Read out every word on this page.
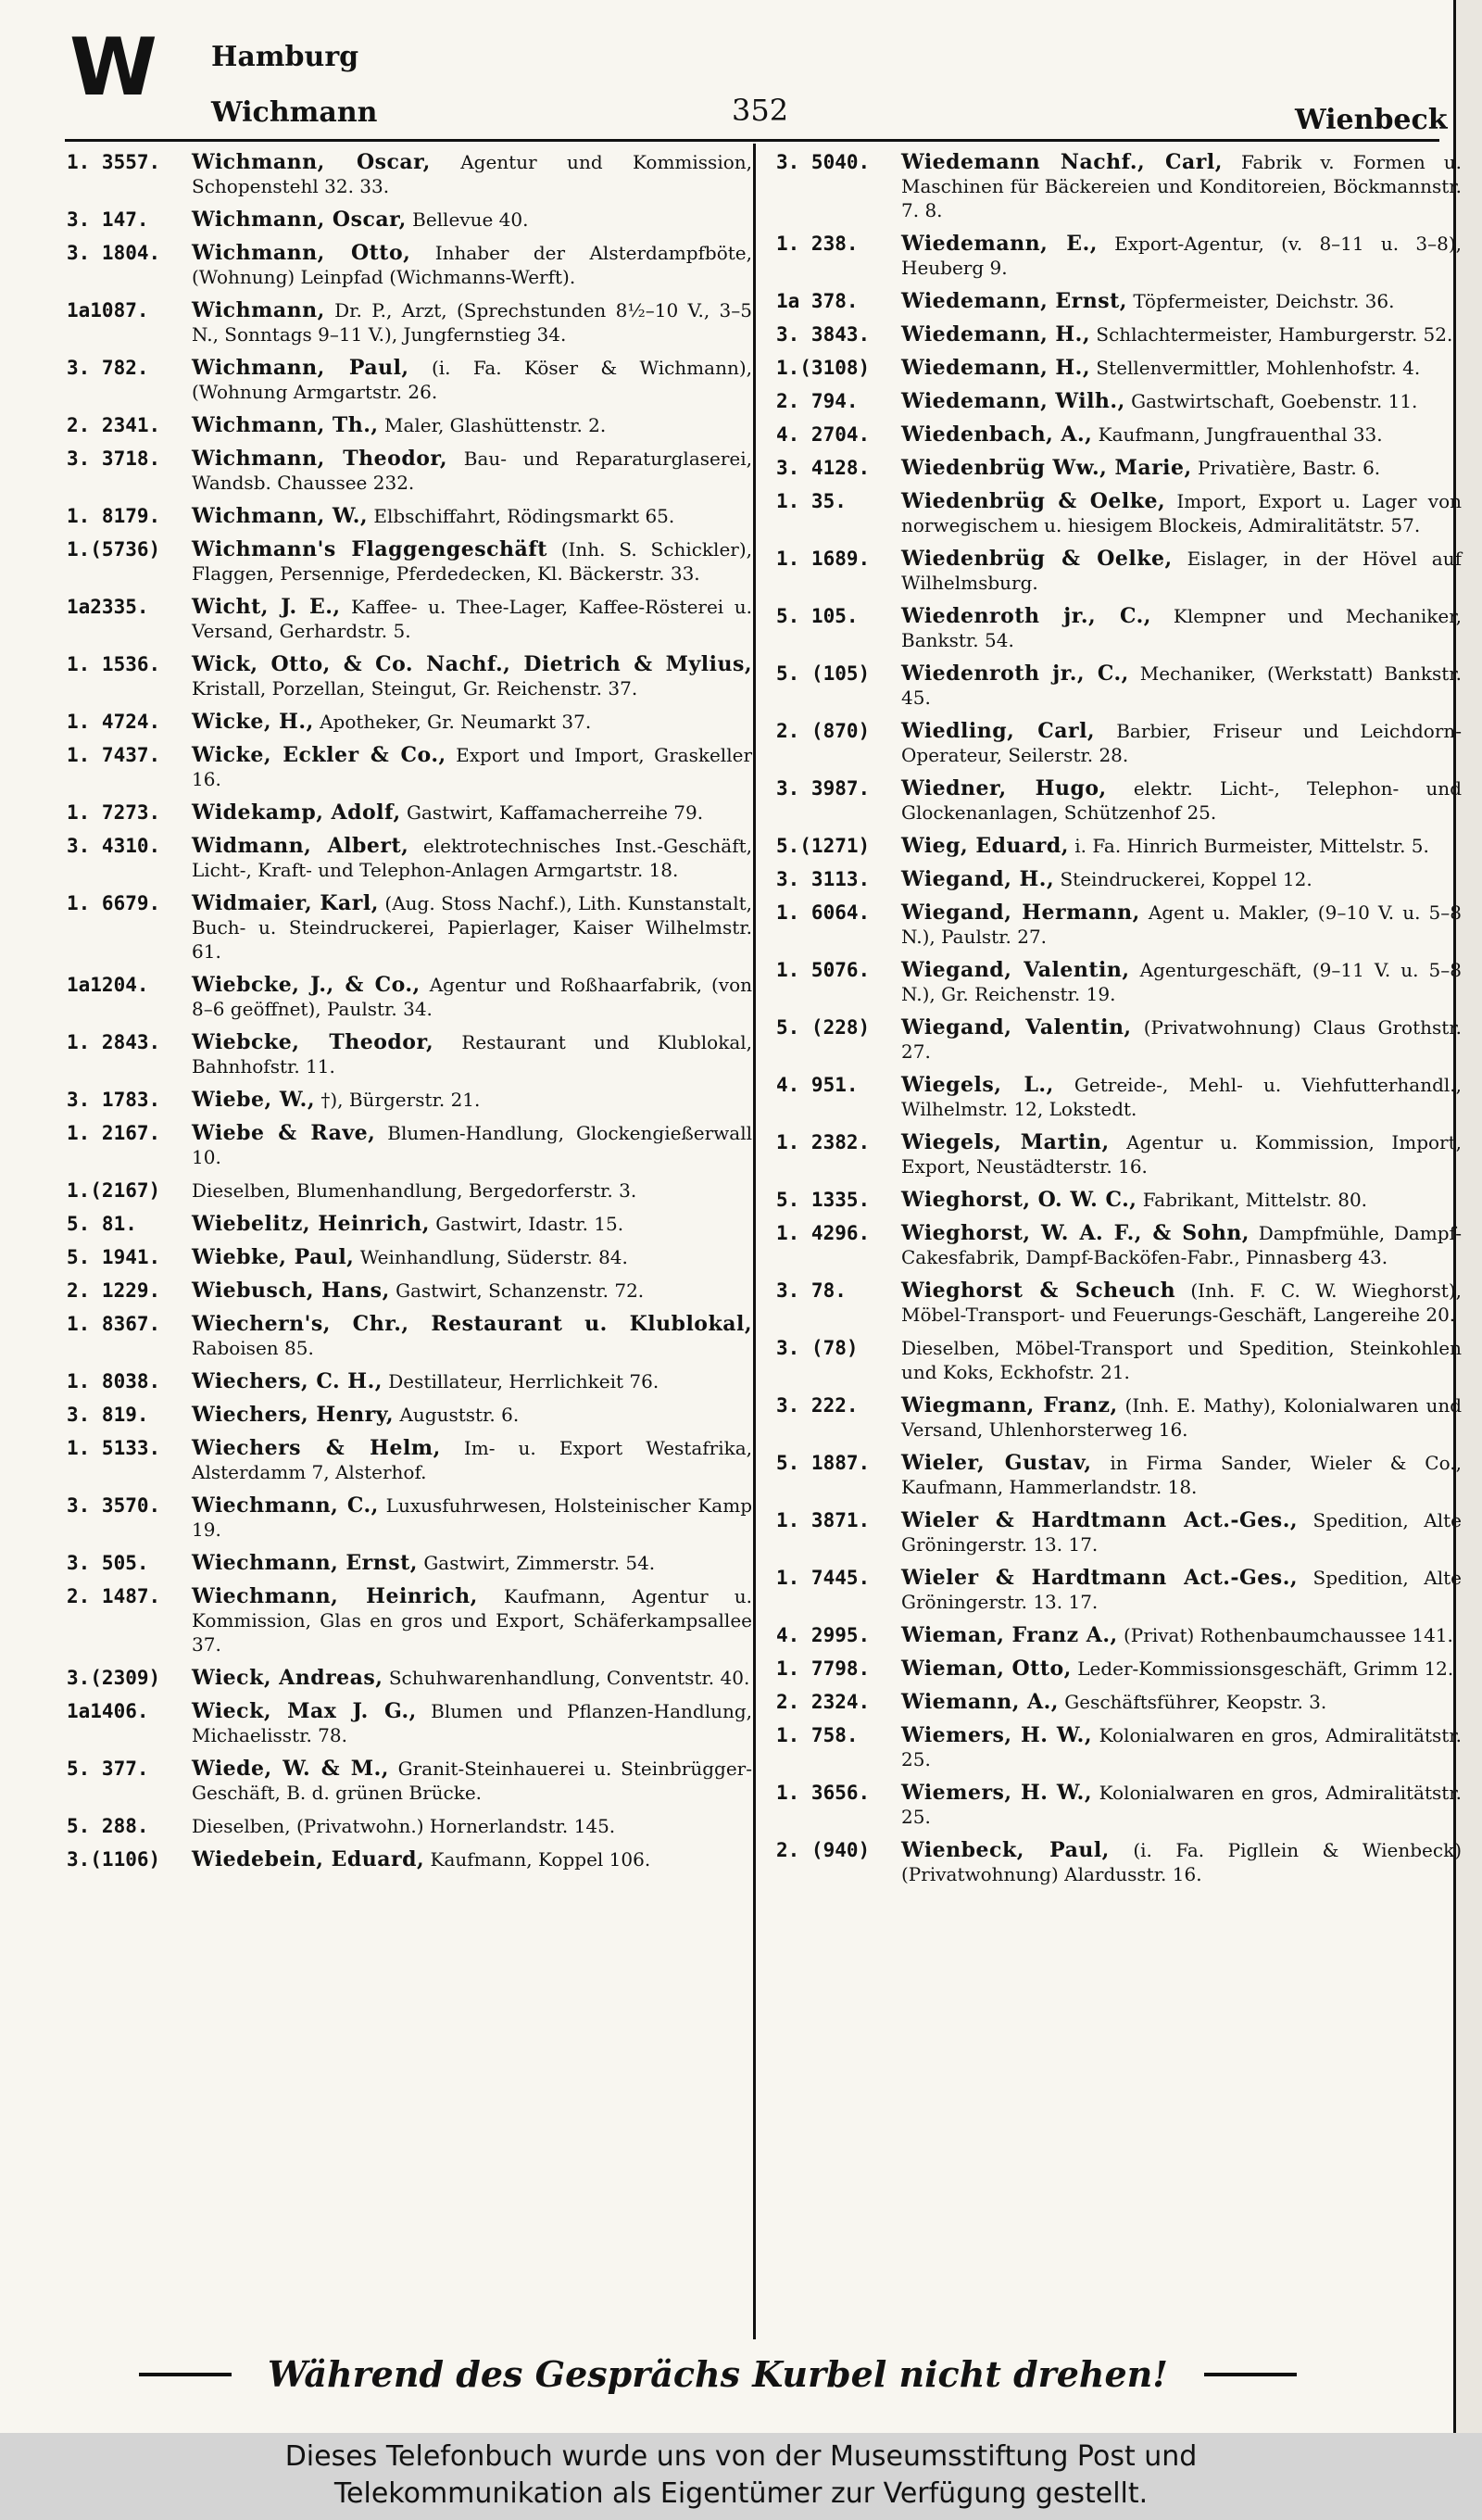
W Hamburg
Wichmann	352	Wienbeck
1. 3557.	Wichmann, Oscar, Agentur und Kommission, Schopenstehl 32. 33.
3. 147.	Wichmann, Oscar, Bellevue 40.
3. 1804.	Wichmann, Otto, Inhaber der Alsterdampfböte, (Wohnung) Leinpfad (Wichmanns-Werft).
1a1087.	Wichmann, Dr. P., Arzt, (Sprechstunden 8½–10 V., 3–5 N., Sonntags 9–11 V.), Jungfernstieg 34.
3. 782.	Wichmann, Paul, (i. Fa. Köser & Wichmann), (Wohnung Armgartstr. 26.
2. 2341.	Wichmann, Th., Maler, Glashüttenstr. 2.
3. 3718.	Wichmann, Theodor, Bau- und Reparaturglaserei, Wandsb. Chaussee 232.
1. 8179.	Wichmann, W., Elbschiffahrt, Rödingsmarkt 65.
1.(5736)	Wichmann's Flaggengeschäft (Inh. S. Schickler), Flaggen, Persennige, Pferdedecken, Kl. Bäckerstr. 33.
1a2335.	Wicht, J. E., Kaffee- u. Thee-Lager, Kaffee-Rösterei u. Versand, Gerhardstr. 5.
1. 1536.	Wick, Otto, & Co. Nachf., Dietrich & Mylius, Kristall, Porzellan, Steingut, Gr. Reichenstr. 37.
1. 4724.	Wicke, H., Apotheker, Gr. Neumarkt 37.
1. 7437.	Wicke, Eckler & Co., Export und Import, Graskeller 16.
1. 7273.	Widekamp, Adolf, Gastwirt, Kaffamacherreihe 79.
3. 4310.	Widmann, Albert, elektrotechnisches Inst.-Geschäft, Licht-, Kraft- und Telephon-Anlagen Armgartstr. 18.
1. 6679.	Widmaier, Karl, (Aug. Stoss Nachf.), Lith. Kunstanstalt, Buch- u. Steindruckerei, Papierlager, Kaiser Wilhelmstr. 61.
1a1204.	Wiebcke, J., & Co., Agentur und Roßhaarfabrik, (von 8–6 geöffnet), Paulstr. 34.
1. 2843.	Wiebcke, Theodor, Restaurant und Klublokal, Bahnhofstr. 11.
3. 1783.	Wiebe, W., †), Bürgerstr. 21.
1. 2167.	Wiebe & Rave, Blumen-Handlung, Glockengießerwall 10.
1.(2167)	Dieselben, Blumenhandlung, Bergedorferstr. 3.
5. 81.	Wiebelitz, Heinrich, Gastwirt, Idastr. 15.
5. 1941.	Wiebke, Paul, Weinhandlung, Süderstr. 84.
2. 1229.	Wiebusch, Hans, Gastwirt, Schanzenstr. 72.
1. 8367.	Wiechern's, Chr., Restaurant u. Klublokal, Raboisen 85.
1. 8038.	Wiechers, C. H., Destillateur, Herrlichkeit 76.
3. 819.	Wiechers, Henry, Auguststr. 6.
1. 5133.	Wiechers & Helm, Im- u. Export Westafrika, Alsterdamm 7, Alsterhof.
3. 3570.	Wiechmann, C., Luxusfuhrwesen, Holsteinischer Kamp 19.
3. 505.	Wiechmann, Ernst, Gastwirt, Zimmerstr. 54.
2. 1487.	Wiechmann, Heinrich, Kaufmann, Agentur u. Kommission, Glas en gros und Export, Schäferkampsallee 37.
3.(2309)	Wieck, Andreas, Schuhwarenhandlung, Conventstr. 40.
1a1406.	Wieck, Max J. G., Blumen und Pflanzen-Handlung, Michaelisstr. 78.
5. 377.	Wiede, W. & M., Granit-Steinhauerei u. Steinbrügger-Geschäft, B. d. grünen Brücke.
5. 288.	Dieselben, (Privatwohn.) Hornerlandstr. 145.
3.(1106)	Wiedebein, Eduard, Kaufmann, Koppel 106.
3. 5040.	Wiedemann Nachf., Carl, Fabrik v. Formen u. Maschinen für Bäckereien und Konditoreien, Böckmannstr. 7. 8.
1. 238.	Wiedemann, E., Export-Agentur, (v. 8–11 u. 3–8), Heuberg 9.
1a 378.	Wiedemann, Ernst, Töpfermeister, Deichstr. 36.
3. 3843.	Wiedemann, H., Schlachtermeister, Hamburgerstr. 52.
1.(3108)	Wiedemann, H., Stellenvermittler, Mohlenhofstr. 4.
2. 794.	Wiedemann, Wilh., Gastwirtschaft, Goebenstr. 11.
4. 2704.	Wiedenbach, A., Kaufmann, Jungfrauenthal 33.
3. 4128.	Wiedenbrüg Ww., Marie, Privatière, Bastr. 6.
1. 35.	Wiedenbrüg & Oelke, Import, Export u. Lager von norwegischem u. hiesigem Blockeis, Admiralitätstr. 57.
1. 1689.	Wiedenbrüg & Oelke, Eislager, in der Hövel auf Wilhelmsburg.
5. 105.	Wiedenroth jr., C., Klempner und Mechaniker, Bankstr. 54.
5. (105)	Wiedenroth jr., C., Mechaniker, (Werkstatt) Bankstr. 45.
2. (870)	Wiedling, Carl, Barbier, Friseur und Leichdorn-Operateur, Seilerstr. 28.
3. 3987.	Wiedner, Hugo, elektr. Licht-, Telephon- und Glockenanlagen, Schützenhof 25.
5.(1271)	Wieg, Eduard, i. Fa. Hinrich Burmeister, Mittelstr. 5.
3. 3113.	Wiegand, H., Steindruckerei, Koppel 12.
1. 6064.	Wiegand, Hermann, Agent u. Makler, (9–10 V. u. 5–8 N.), Paulstr. 27.
1. 5076.	Wiegand, Valentin, Agenturgeschäft, (9–11 V. u. 5–8 N.), Gr. Reichenstr. 19.
5. (228)	Wiegand, Valentin, (Privatwohnung) Claus Grothstr. 27.
4. 951.	Wiegels, L., Getreide-, Mehl- u. Viehfutterhandl., Wilhelmstr. 12, Lokstedt.
1. 2382.	Wiegels, Martin, Agentur u. Kommission, Import, Export, Neustädterstr. 16.
5. 1335.	Wieghorst, O. W. C., Fabrikant, Mittelstr. 80.
1. 4296.	Wieghorst, W. A. F., & Sohn, Dampfmühle, Dampf-Cakesfabrik, Dampf-Backöfen-Fabr., Pinnasberg 43.
3. 78.	Wieghorst & Scheuch (Inh. F. C. W. Wieghorst), Möbel-Transport- und Feuerungs-Geschäft, Langereihe 20.
3. (78)	Dieselben, Möbel-Transport und Spedition, Steinkohlen und Koks, Eckhofstr. 21.
3. 222.	Wiegmann, Franz, (Inh. E. Mathy), Kolonialwaren und Versand, Uhlenhorsterweg 16.
5. 1887.	Wieler, Gustav, in Firma Sander, Wieler & Co., Kaufmann, Hammerlandstr. 18.
1. 3871.	Wieler & Hardtmann Act.-Ges., Spedition, Alte Gröningerstr. 13. 17.
1. 7445.	Wieler & Hardtmann Act.-Ges., Spedition, Alte Gröningerstr. 13. 17.
4. 2995.	Wieman, Franz A., (Privat) Rothenbaumchaussee 141.
1. 7798.	Wieman, Otto, Leder-Kommissionsgeschäft, Grimm 12.
2. 2324.	Wiemann, A., Geschäftsführer, Keopstr. 3.
1. 758.	Wiemers, H. W., Kolonialwaren en gros, Admiralitätstr. 25.
1. 3656.	Wiemers, H. W., Kolonialwaren en gros, Admiralitätstr. 25.
2. (940)	Wienbeck, Paul, (i. Fa. Pigllein & Wienbeck) (Privatwohnung) Alardusstr. 16.
Während des Gesprächs Kurbel nicht drehen!
Dieses Telefonbuch wurde uns von der Museumsstiftung Post und
Telekommunikation als Eigentümer zur Verfügung gestellt.
